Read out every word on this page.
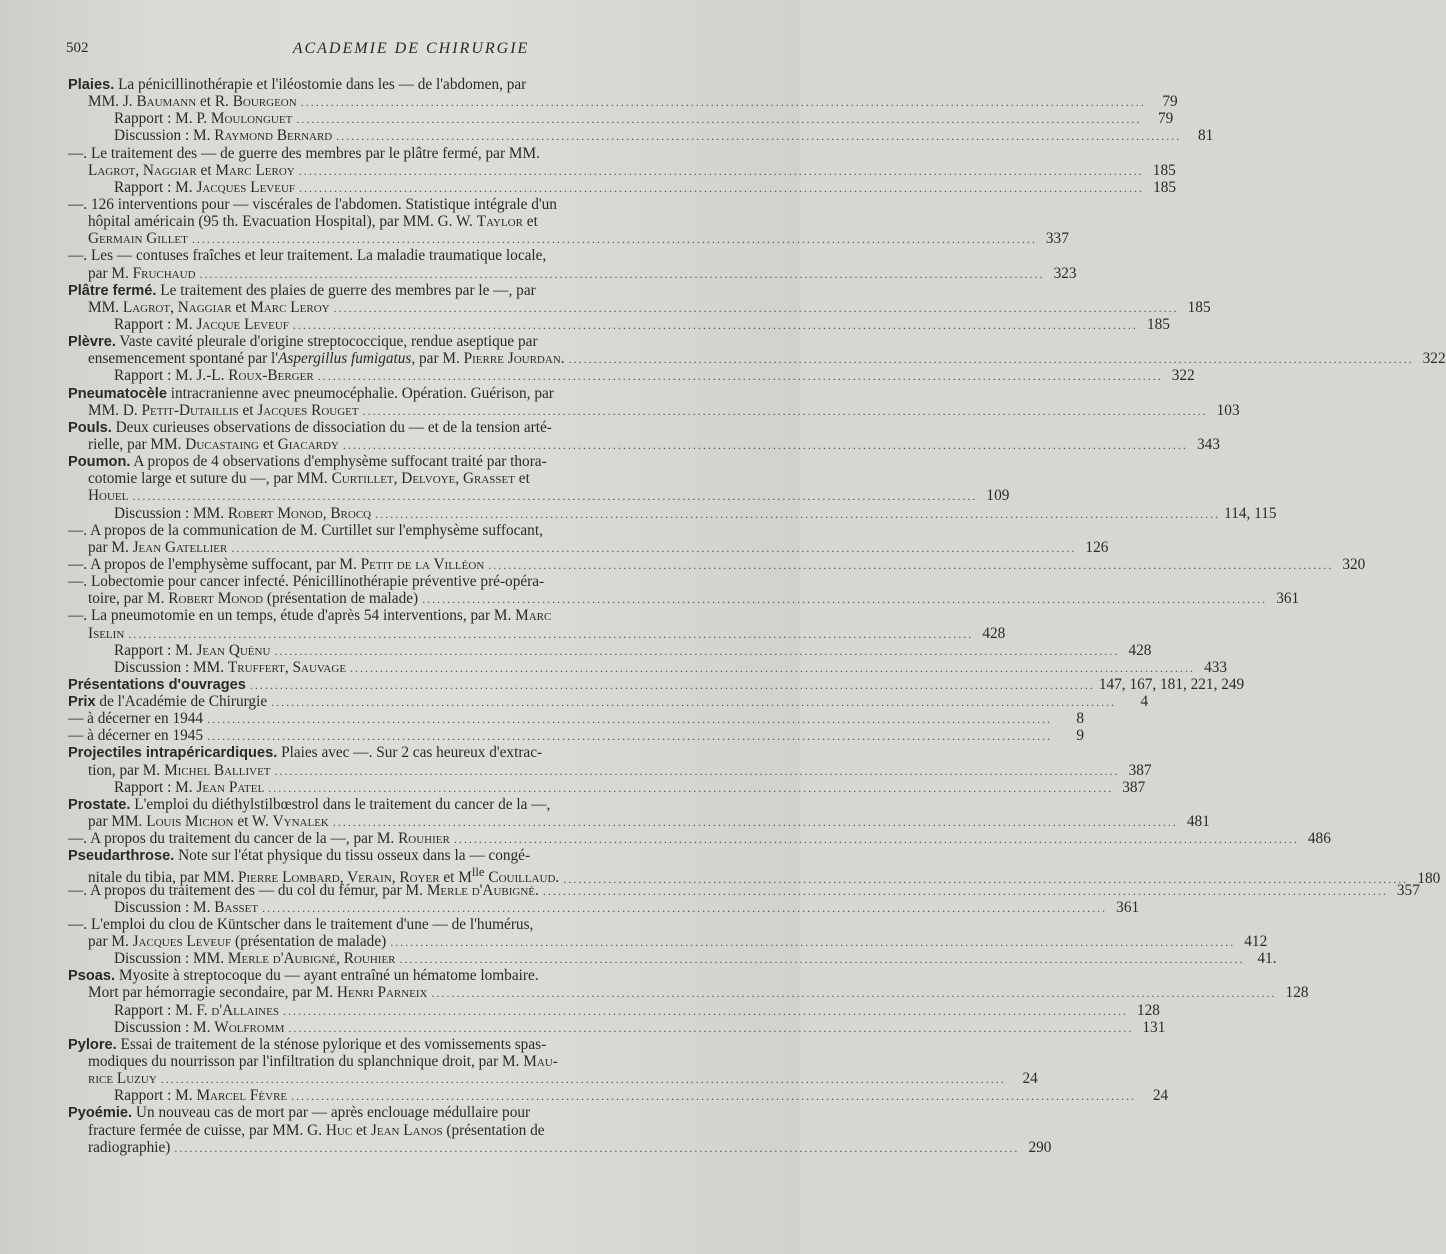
502	ACADEMIE DE CHIRURGIE
Plaies. La pénicillinothérapie et l'iléostomie dans les — de l'abdomen, par
MM. J. Baumann et R. Bourgeon .........................................................................................................................................................................	79
Rapport : M. P. Moulonguet .........................................................................................................................................................................	79
Discussion : M. Raymond Bernard .........................................................................................................................................................................	81
—. Le traitement des — de guerre des membres par le plâtre fermé, par MM.
Lagrot, Naggiar et Marc Leroy ......................................................................................................................................................................... 185
Rapport : M. Jacques Leveuf ......................................................................................................................................................................... 185
—. 126 interventions pour — viscérales de l'abdomen. Statistique intégrale d'un
hôpital américain (95 th. Evacuation Hospital), par MM. G. W. Taylor et
Germain Gillet ......................................................................................................................................................................... 337
—. Les — contuses fraîches et leur traitement. La maladie traumatique locale,
par M. Fruchaud ......................................................................................................................................................................... 323
Plâtre fermé. Le traitement des plaies de guerre des membres par le —, par
MM. Lagrot, Naggiar et Marc Leroy ......................................................................................................................................................................... 185
Rapport : M. Jacque Leveuf ......................................................................................................................................................................... 185
Plèvre. Vaste cavité pleurale d'origine streptococcique, rendue aseptique par
ensemencement spontané par l'Aspergillus fumigatus, par M. Pierre Jourdan. ......................................................................................................................................................................... 322
Rapport : M. J.-L. Roux-Berger ......................................................................................................................................................................... 322
Pneumatocèle intracranienne avec pneumocéphalie. Opération. Guérison, par
MM. D. Petit-Dutaillis et Jacques Rouget ......................................................................................................................................................................... 103
Pouls. Deux curieuses observations de dissociation du — et de la tension arté-
rielle, par MM. Ducastaing et Giacardy ......................................................................................................................................................................... 343
Poumon. A propos de 4 observations d'emphysème suffocant traité par thora-
cotomie large et suture du —, par MM. Curtillet, Delvoye, Grasset et
Houel ......................................................................................................................................................................... 109
Discussion : MM. Robert Monod, Brocq ......................................................................................................................................................................... 114, 115
—. A propos de la communication de M. Curtillet sur l'emphysème suffocant,
par M. Jean Gatellier ......................................................................................................................................................................... 126
—. A propos de l'emphysème suffocant, par M. Petit de la Villéon ......................................................................................................................................................................... 320
—. Lobectomie pour cancer infecté. Pénicillinothérapie préventive pré-opéra-
toire, par M. Robert Monod (présentation de malade) ......................................................................................................................................................................... 361
—. La pneumotomie en un temps, étude d'après 54 interventions, par M. Marc
Iselin ......................................................................................................................................................................... 428
Rapport : M. Jean Quénu ......................................................................................................................................................................... 428
Discussion : MM. Truffert, Sauvage ......................................................................................................................................................................... 433
Présentations d'ouvrages ......................................................................................................................................................................... 147, 167, 181, 221, 249
Prix de l'Académie de Chirurgie .........................................................................................................................................................................	4
— à décerner en 1944 .........................................................................................................................................................................	8
— à décerner en 1945 .........................................................................................................................................................................	9
Projectiles intrapéricardiques. Plaies avec —. Sur 2 cas heureux d'extrac-
tion, par M. Michel Ballivet ......................................................................................................................................................................... 387
Rapport : M. Jean Patel ......................................................................................................................................................................... 387
Prostate. L'emploi du diéthylstilbœstrol dans le traitement du cancer de la —,
par MM. Louis Michon et W. Vynalek ......................................................................................................................................................................... 481
—. A propos du traitement du cancer de la —, par M. Rouhier ......................................................................................................................................................................... 486
Pseudarthrose. Note sur l'état physique du tissu osseux dans la — congé-
nitale du tibia, par MM. Pierre Lombard, Verain, Royer et $M^{lle}$ Couillaud. ......................................................................................................................................................................... 180
—. A propos du traitement des — du col du fémur, par M. Merle d'Aubigné. ......................................................................................................................................................................... 357
Discussion : M. Basset ......................................................................................................................................................................... 361
—. L'emploi du clou de Küntscher dans le traitement d'une — de l'humérus,
par M. Jacques Leveuf (présentation de malade) ......................................................................................................................................................................... 412
Discussion : MM. Merle d'Aubigné, Rouhier ......................................................................................................................................................................... 41.
Psoas. Myosite à streptocoque du — ayant entraîné un hématome lombaire.
Mort par hémorragie secondaire, par M. Henri Parneix ......................................................................................................................................................................... 128
Rapport : M. F. d'Allaines ......................................................................................................................................................................... 128
Discussion : M. Wolfromm ......................................................................................................................................................................... 131
Pylore. Essai de traitement de la sténose pylorique et des vomissements spas-
modiques du nourrisson par l'infiltration du splanchnique droit, par M. Mau-
rice Luzuy .........................................................................................................................................................................	24
Rapport : M. Marcel Fèvre .........................................................................................................................................................................	24
Pyoémie. Un nouveau cas de mort par — après enclouage médullaire pour
fracture fermée de cuisse, par MM. G. Huc et Jean Lanos (présentation de
radiographie) ......................................................................................................................................................................... 290
